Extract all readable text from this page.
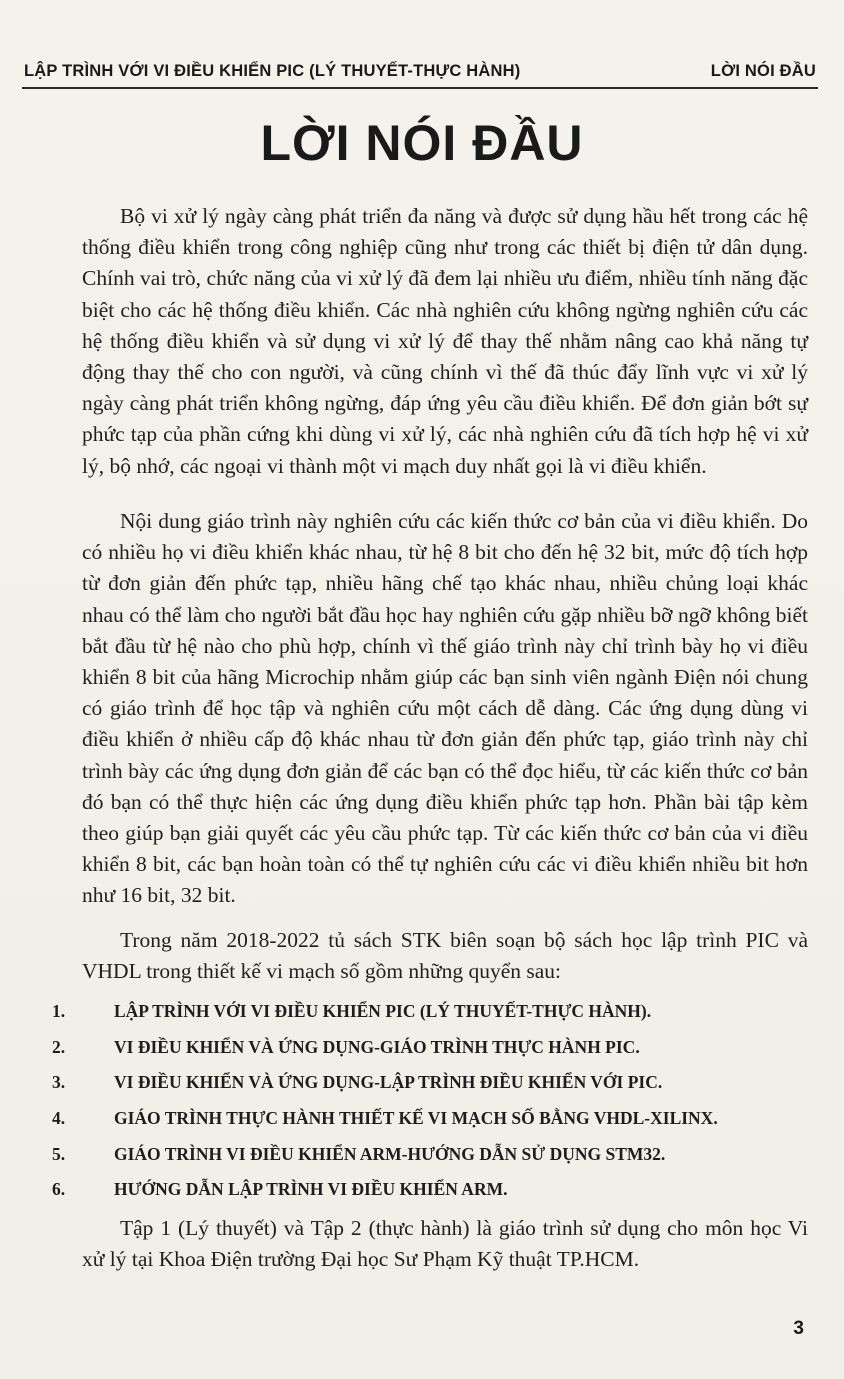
LẬP TRÌNH VỚI VI ĐIỀU KHIỂN PIC (LÝ THUYẾT-THỰC HÀNH)	LỜI NÓI ĐẦU
LỜI NÓI ĐẦU

Bộ vi xử lý ngày càng phát triển đa năng và được sử dụng hầu hết trong các hệ thống điều khiển trong công nghiệp cũng như trong các thiết bị điện tử dân dụng. Chính vai trò, chức năng của vi xử lý đã đem lại nhiều ưu điểm, nhiều tính năng đặc biệt cho các hệ thống điều khiển. Các nhà nghiên cứu không ngừng nghiên cứu các hệ thống điều khiển và sử dụng vi xử lý để thay thế nhằm nâng cao khả năng tự động thay thế cho con người, và cũng chính vì thế đã thúc đẩy lĩnh vực vi xử lý ngày càng phát triển không ngừng, đáp ứng yêu cầu điều khiển. Để đơn giản bớt sự phức tạp của phần cứng khi dùng vi xử lý, các nhà nghiên cứu đã tích hợp hệ vi xử lý, bộ nhớ, các ngoại vi thành một vi mạch duy nhất gọi là vi điều khiển.

Nội dung giáo trình này nghiên cứu các kiến thức cơ bản của vi điều khiển. Do có nhiều họ vi điều khiển khác nhau, từ hệ 8 bit cho đến hệ 32 bit, mức độ tích hợp từ đơn giản đến phức tạp, nhiều hãng chế tạo khác nhau, nhiều chủng loại khác nhau có thể làm cho người bắt đầu học hay nghiên cứu gặp nhiều bỡ ngỡ không biết bắt đầu từ hệ nào cho phù hợp, chính vì thế giáo trình này chỉ trình bày họ vi điều khiển 8 bit của hãng Microchip nhằm giúp các bạn sinh viên ngành Điện nói chung có giáo trình để học tập và nghiên cứu một cách dễ dàng. Các ứng dụng dùng vi điều khiển ở nhiều cấp độ khác nhau từ đơn giản đến phức tạp, giáo trình này chỉ trình bày các ứng dụng đơn giản để các bạn có thể đọc hiểu, từ các kiến thức cơ bản đó bạn có thể thực hiện các ứng dụng điều khiển phức tạp hơn. Phần bài tập kèm theo giúp bạn giải quyết các yêu cầu phức tạp. Từ các kiến thức cơ bản của vi điều khiển 8 bit, các bạn hoàn toàn có thể tự nghiên cứu các vi điều khiển nhiều bit hơn như 16 bit, 32 bit.

Trong năm 2018-2022 tủ sách STK biên soạn bộ sách học lập trình PIC và VHDL trong thiết kế vi mạch số gồm những quyển sau:

1.	LẬP TRÌNH VỚI VI ĐIỀU KHIỂN PIC (LÝ THUYẾT-THỰC HÀNH).
2.	VI ĐIỀU KHIỂN VÀ ỨNG DỤNG-GIÁO TRÌNH THỰC HÀNH PIC.
3.	VI ĐIỀU KHIỂN VÀ ỨNG DỤNG-LẬP TRÌNH ĐIỀU KHIỂN VỚI PIC.
4.	GIÁO TRÌNH THỰC HÀNH THIẾT KẾ VI MẠCH SỐ BẰNG VHDL-XILINX.
5.	GIÁO TRÌNH VI ĐIỀU KHIỂN ARM-HƯỚNG DẪN SỬ DỤNG STM32.
6.	HƯỚNG DẪN LẬP TRÌNH VI ĐIỀU KHIỂN ARM.

Tập 1 (Lý thuyết) và Tập 2 (thực hành) là giáo trình sử dụng cho môn học Vi xử lý tại Khoa Điện trường Đại học Sư Phạm Kỹ thuật TP.HCM.

3
